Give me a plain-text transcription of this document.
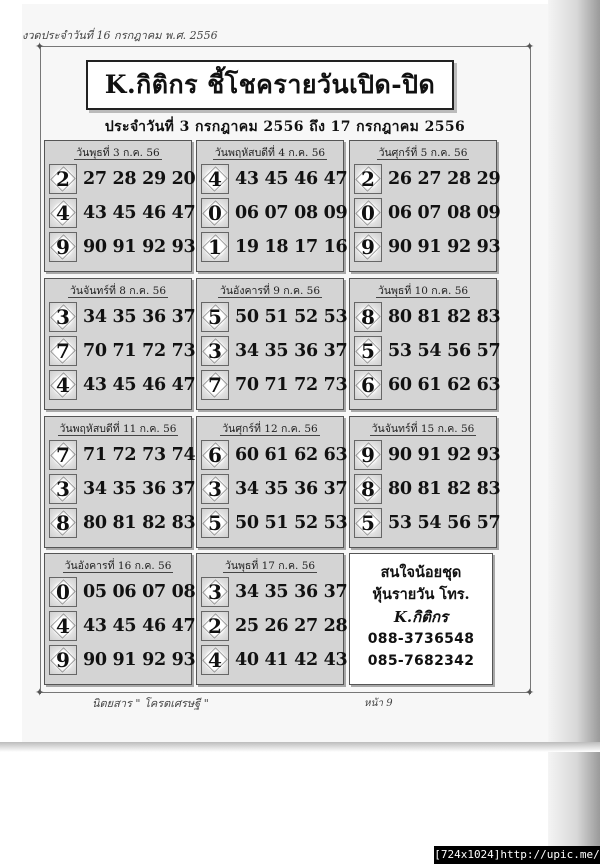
งวดประจำวันที่ 16 กรกฎาคม พ.ศ. 2556
✦	✦
✦	✦
K.กิติกร ชี้โชครายวันเปิด-ปิด
ประจำวันที่ 3 กรกฎาคม 2556 ถึง 17 กรกฎาคม 2556
วันพุธที่ 3 ก.ค. 56
2 27 28 29 20
4 43 45 46 47
9 90 91 92 93
วันพฤหัสบดีที่ 4 ก.ค. 56
4 43 45 46 47
0 06 07 08 09
1 19 18 17 16
วันศุกร์ที่ 5 ก.ค. 56
2 26 27 28 29
0 06 07 08 09
9 90 91 92 93
วันจันทร์ที่ 8 ก.ค. 56
3 34 35 36 37
7 70 71 72 73
4 43 45 46 47
วันอังคารที่ 9 ก.ค. 56
5 50 51 52 53
3 34 35 36 37
7 70 71 72 73
วันพุธที่ 10 ก.ค. 56
8 80 81 82 83
5 53 54 56 57
6 60 61 62 63
วันพฤหัสบดีที่ 11 ก.ค. 56
7 71 72 73 74
3 34 35 36 37
8 80 81 82 83
วันศุกร์ที่ 12 ก.ค. 56
6 60 61 62 63
3 34 35 36 37
5 50 51 52 53
วันจันทร์ที่ 15 ก.ค. 56
9 90 91 92 93
8 80 81 82 83
5 53 54 56 57
วันอังคารที่ 16 ก.ค. 56
0 05 06 07 08
4 43 45 46 47
9 90 91 92 93
วันพุธที่ 17 ก.ค. 56
3 34 35 36 37
2 25 26 27 28
4 40 41 42 43
สนใจน้อยชุด
หุ้นรายวัน โทร.
K.กิติกร
088-3736548
085-7682342
นิตยสาร " โครตเศรษฐี "	หน้า 9
[724x1024]http://upic.me/
